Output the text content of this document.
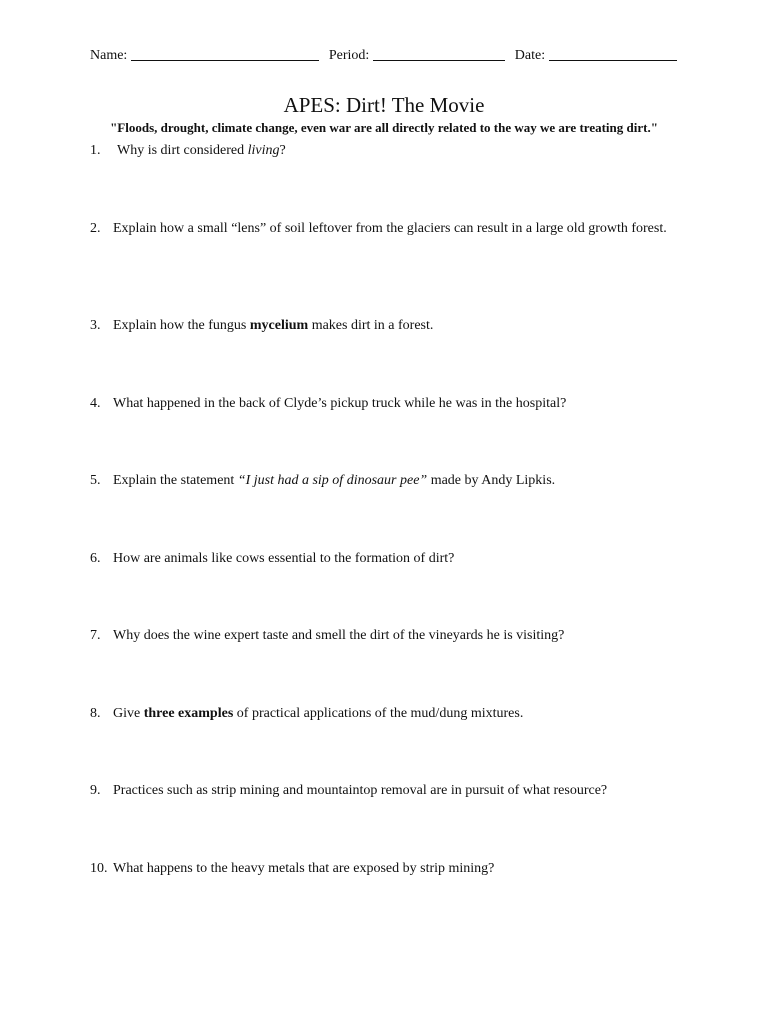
Name:	Period:	Date:
APES: Dirt! The Movie
"Floods, drought, climate change, even war are all directly related to the way we are treating dirt."
1. Why is dirt considered living?
2. Explain how a small “lens” of soil leftover from the glaciers can result in a large old growth forest.
3. Explain how the fungus mycelium makes dirt in a forest.
4. What happened in the back of Clyde’s pickup truck while he was in the hospital?
5. Explain the statement “I just had a sip of dinosaur pee” made by Andy Lipkis.
6. How are animals like cows essential to the formation of dirt?
7. Why does the wine expert taste and smell the dirt of the vineyards he is visiting?
8. Give three examples of practical applications of the mud/dung mixtures.
9. Practices such as strip mining and mountaintop removal are in pursuit of what resource?
10. What happens to the heavy metals that are exposed by strip mining?
